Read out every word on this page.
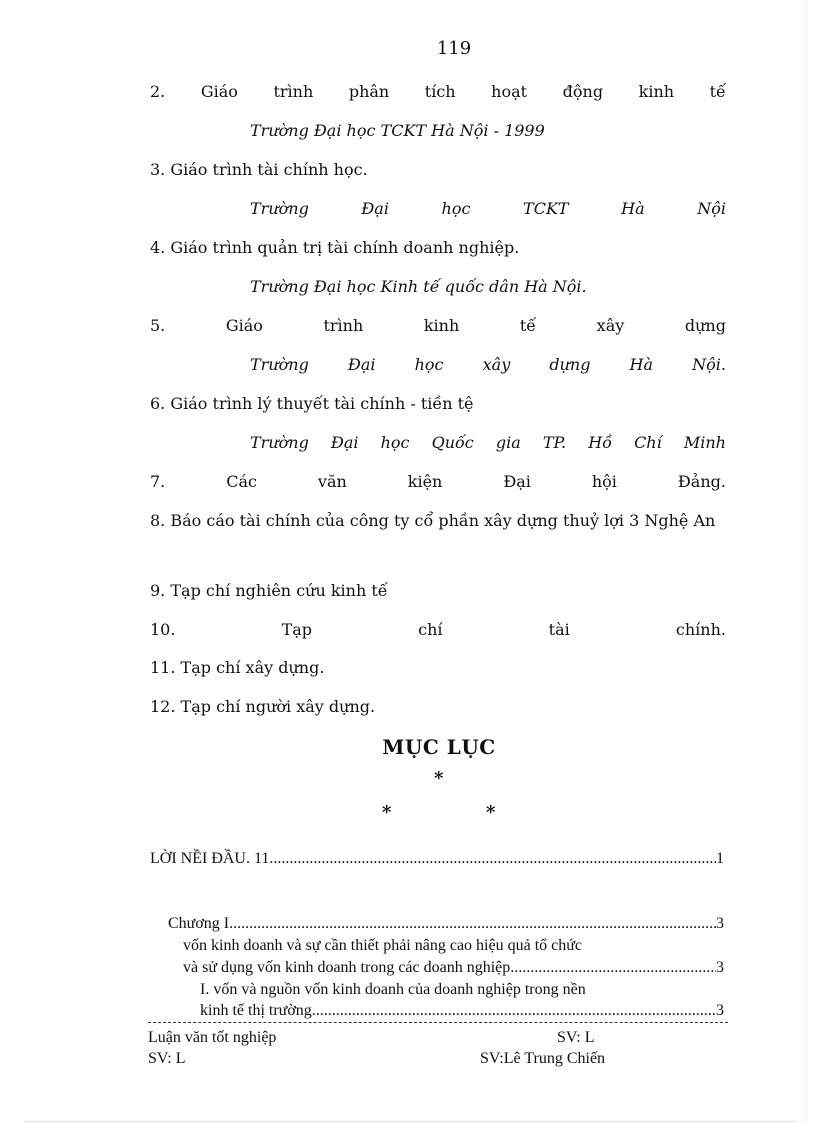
119
2. Giáo trình phân tích hoạt động kinh tế
Trường Đại học TCKT Hà Nội - 1999
3. Giáo trình tài chính học.
Trường	Đại	học	TCKT	Hà	Nội
4. Giáo trình quản trị tài chính doanh nghiệp.
Trường Đại học Kinh tế quốc dân Hà Nội.
5.	Giáo	trình	kinh	tế	xây	dựng
Trường Đại học xây dựng Hà Nội.
6. Giáo trình lý thuyết tài chính - tiền tệ
Trường Đại học Quốc gia TP. Hồ Chí Minh
7.	Các	văn	kiện	Đại	hội	Đảng.
8. Báo cáo tài chính của công ty cổ phần xây dựng thuỷ lợi 3 Nghệ An
9. Tạp chí nghiên cứu kinh tế
10.	Tạp	chí	tài	chính.
11. Tạp chí xây dựng.
12. Tạp chí người xây dựng.
MỤC LỤC
*
*	*
LỜI NỀI ĐẦU. 11 .....	1
Chương I .....	3
vốn kinh doanh và sự cần thiết phải nâng cao hiệu quả tổ chức
và sử dụng vốn kinh doanh trong các doanh nghiệp .....	3
I. vốn và nguồn vốn kinh doanh của doanh nghiệp trong nền
kinh tế thị trường. .....	3
Luận văn tốt nghiệp	SV: L
SV: L	SV:Lê Trung Chiến
